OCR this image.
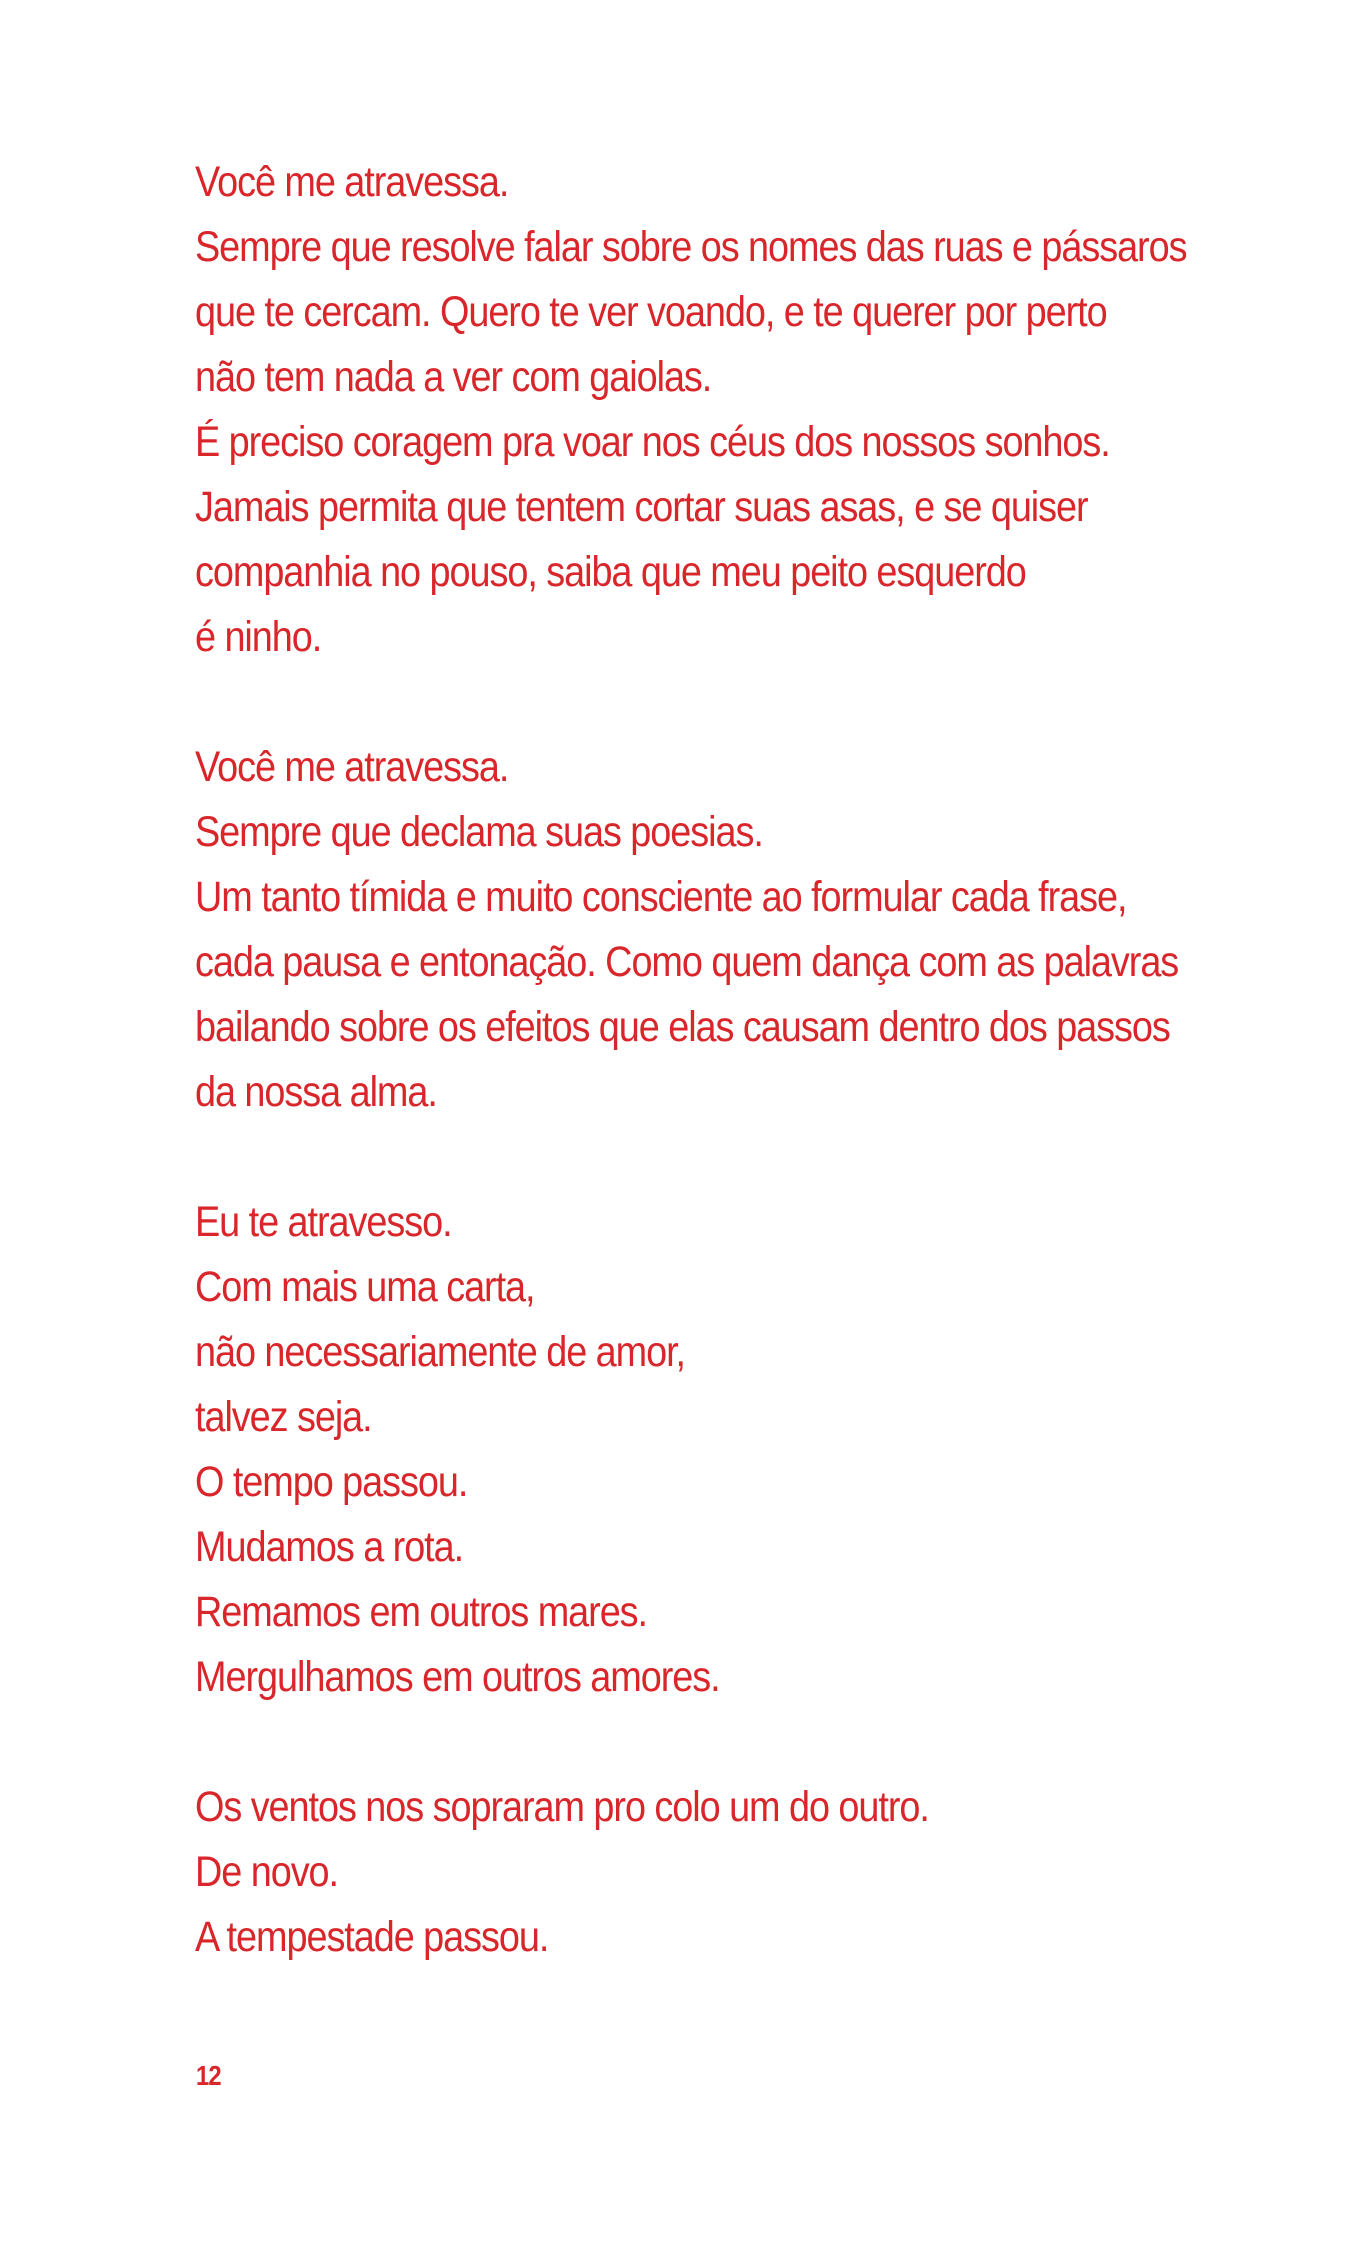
Você me atravessa.
Sempre que resolve falar sobre os nomes das ruas e pássaros
que te cercam. Quero te ver voando, e te querer por perto
não tem nada a ver com gaiolas.
É preciso coragem pra voar nos céus dos nossos sonhos.
Jamais permita que tentem cortar suas asas, e se quiser
companhia no pouso, saiba que meu peito esquerdo
é ninho.
Você me atravessa.
Sempre que declama suas poesias.
Um tanto tímida e muito consciente ao formular cada frase,
cada pausa e entonação. Como quem dança com as palavras
bailando sobre os efeitos que elas causam dentro dos passos
da nossa alma.
Eu te atravesso.
Com mais uma carta,
não necessariamente de amor,
talvez seja.
O tempo passou.
Mudamos a rota.
Remamos em outros mares.
Mergulhamos em outros amores.
Os ventos nos sopraram pro colo um do outro.
De novo.
A tempestade passou.
12
